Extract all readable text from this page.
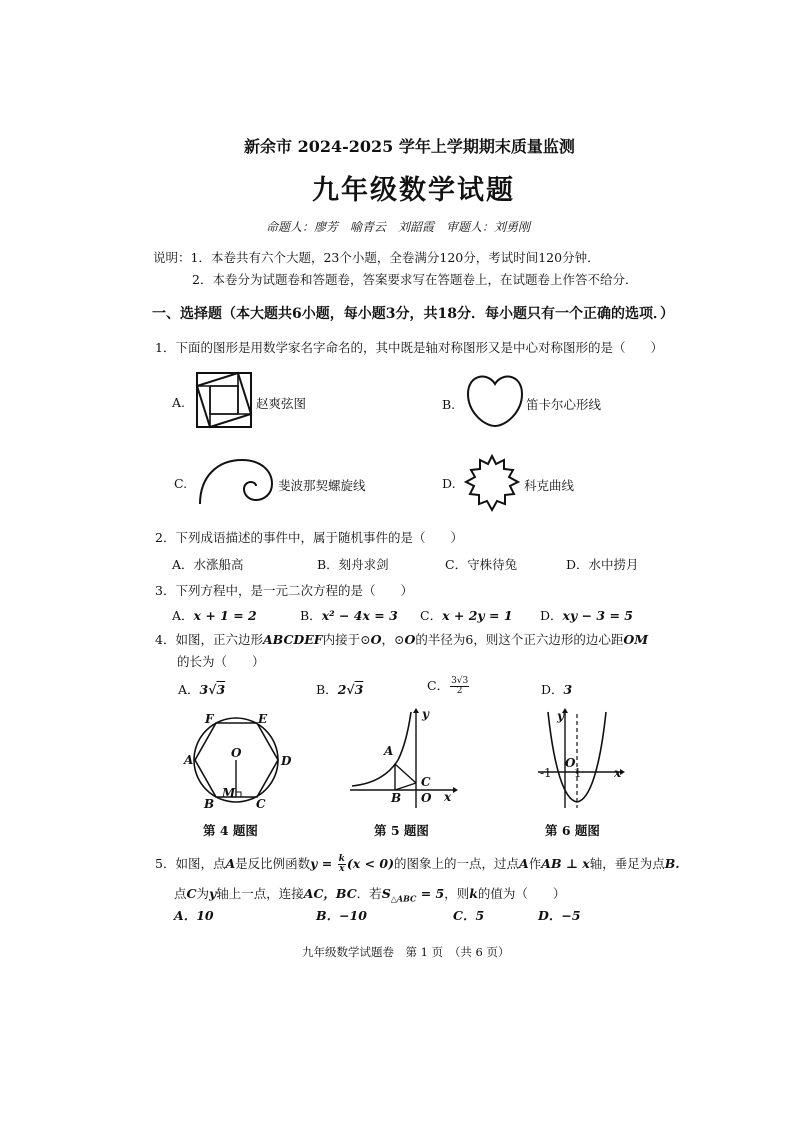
新余市 2024-2025 学年上学期期末质量监测
九年级数学试题
命题人：廖芳　喻青云　刘韶霞　审题人：刘勇刚
说明：1．本卷共有六个大题，23个小题，全卷满分120分，考试时间120分钟．
2．本卷分为试题卷和答题卷，答案要求写在答题卷上，在试题卷上作答不给分．
一、选择题（本大题共6小题，每小题3分，共18分．每小题只有一个正确的选项．）
1．下面的图形是用数学家名字命名的，其中既是轴对称图形又是中心对称图形的是（　　）
A.	赵爽弦图	B.	笛卡尔心形线
C.	斐波那契螺旋线	D.	科克曲线
2．下列成语描述的事件中，属于随机事件的是（　　）
A．水涨船高	B．刻舟求剑	C．守株待兔	D．水中捞月
3．下列方程中，是一元二次方程的是（　　）
A．x + 1 = 2	B．x² − 4x = 3 C．x + 2y = 1 D．xy − 3 = 5
4．如图，正六边形ABCDEF内接于⊙O，⊙O的半径为6，则这个正六边形的边心距OM
的长为（　　）
A．3√3	B．2√3	C． $\frac{3√3}{2}$	D．3
F	E
A	D
O
M
B	C
第 4 题图
y
A
C
B O x
第 5 题图
y
-1
O
1	x
第 6 题图
5．如图，点A是反比例函数$y = \frac{k}{x} (x < 0)$的图象上的一点，过点A作AB ⊥ x轴，垂足为点B.
点C为y轴上一点，连接AC，BC．若$S_{\triangle ABC} = 5$，则k的值为（　　）
A．10	B．−10	C．5	D．−5
九年级数学试题卷　第 1 页　（共 6 页）
